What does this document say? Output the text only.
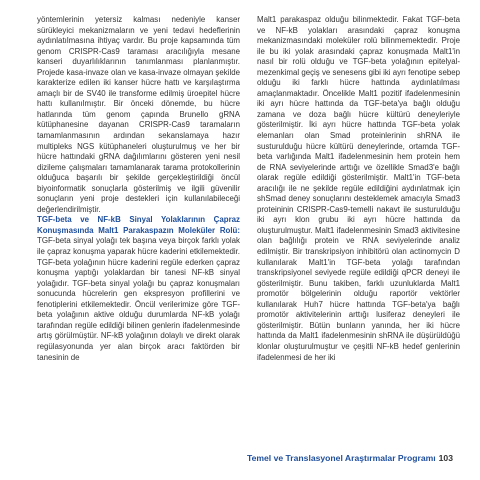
yöntemlerinin yetersiz kalması nedeniyle kanser sürükleyici mekanizmaların ve yeni tedavi hedeflerinin aydınlatılmasına ihtiyaç vardır. Bu proje kapsamında tüm genom CRISPR-Cas9 taraması aracılığıyla mesane kanseri duyarlılıklarının tanımlanması planlanmıştır. Projede kasa-invaze olan ve kasa-invaze olmayan şekilde karakterize edilen iki kanser hücre hattı ve karşılaştırma amaçlı bir de SV40 ile transforme edilmiş üroepitel hücre hattı kullanılmıştır. Bir önceki dönemde, bu hücre hatlarında tüm genom çapında Brunello gRNA kütüphanesine dayanan CRISPR-Cas9 taramaların tamamlanmasının ardından sekanslamaya hazır multipleks NGS kütüphaneleri oluşturulmuş ve her bir hücre hattındaki gRNA dağılımlarını gösteren yeni nesil dizileme çalışmaları tamamlanarak tarama protokollerinin olduğuca başarılı bir şekilde gerçekleştirildiği öncül biyoinformatik sonuçlarla gösterilmiş ve ilgili güvenilir sonuçların yeni proje destekleri için kullanılabileceği değerlendirilmiştir.

TGF-beta ve NF-kB Sinyal Yolaklarının Çapraz Konuşmasında Malt1 Parakaspazın Moleküler Rolü: TGF-beta sinyal yolağı tek başına veya birçok farklı yolak ile çapraz konuşma yaparak hücre kaderini etkilemektedir. TGF-beta yolağının hücre kaderini regüle ederken çapraz konuşma yaptığı yolaklardan bir tanesi NF-kB sinyal yolağıdır. TGF-beta sinyal yolağı bu çapraz konuşmaları sonucunda hücrelerin gen ekspresyon profillerini ve fenotiplerini etkilemektedir. Öncül verilerimize göre TGF-beta yolağının aktive olduğu durumlarda NF-kB yolağı tarafından regüle edildiği bilinen genlerin ifadelenmesinde artış görülmüştür. NF-kB yolağının dolaylı ve direkt olarak regülasyonunda yer alan birçok aracı faktörden bir tanesinin de

Malt1 parakaspaz olduğu bilinmektedir. Fakat TGF-beta ve NF-kB yolakları arasındaki çapraz konuşma mekanizmasındaki moleküler rolü bilinmemektedir. Proje ile bu iki yolak arasındaki çapraz konuşmada Malt1'in nasıl bir rolü olduğu ve TGF-beta yolağının epitelyal-mezenkimal geçiş ve senesens gibi iki ayrı fenotipe sebep olduğu iki farklı hücre hattında aydınlatılması amaçlanmaktadır. Öncelikle Malt1 pozitif ifadelenmesinin iki ayrı hücre hattında da TGF-beta'ya bağlı olduğu zamana ve doza bağlı hücre kültürü deneyleriyle gösterilmiştir. İki ayrı hücre hattında TGF-beta yolak elemanları olan Smad proteinlerinin shRNA ile susturulduğu hücre kültürü deneylerinde, ortamda TGF-beta varlığında Malt1 ifadelenmesinin hem protein hem de RNA seviyelerinde arttığı ve özellikle Smad3'e bağlı olarak regüle edildiği gösterilmiştir. Malt1'in TGF-beta aracılığı ile ne şekilde regüle edildiğini aydınlatmak için shSmad deney sonuçlarını desteklemek amacıyla Smad3 proteininin CRISPR-Cas9-temelli nakavt ile susturulduğu iki ayrı klon grubu iki ayrı hücre hattında da oluşturulmuştur. Malt1 ifadelenmesinin Smad3 aktivitesine olan bağlılığı protein ve RNA seviyelerinde analiz edilmiştir. Bir transkripsiyon inhibitörü olan actinomycin D kullanılarak Malt1'in TGF-beta yolağı tarafından transkripsiyonel seviyede regüle edildiği qPCR deneyi ile gösterilmiştir. Bunu takiben, farklı uzunluklarda Malt1 promotör bölgelerinin olduğu raportör vektörler kullanılarak Huh7 hücre hattında TGF-beta'ya bağlı promotör aktivitelerinin arttığı lusiferaz deneyleri ile gösterilmiştir. Bütün bunların yanında, her iki hücre hattında da Malt1 ifadelenmesinin shRNA ile düşürüldüğü klonlar oluşturulmuştur ve çeşitli NF-kB hedef genlerinin ifadelenmesi de her iki

Temel ve Translasyonel Araştırmalar Programı 103
